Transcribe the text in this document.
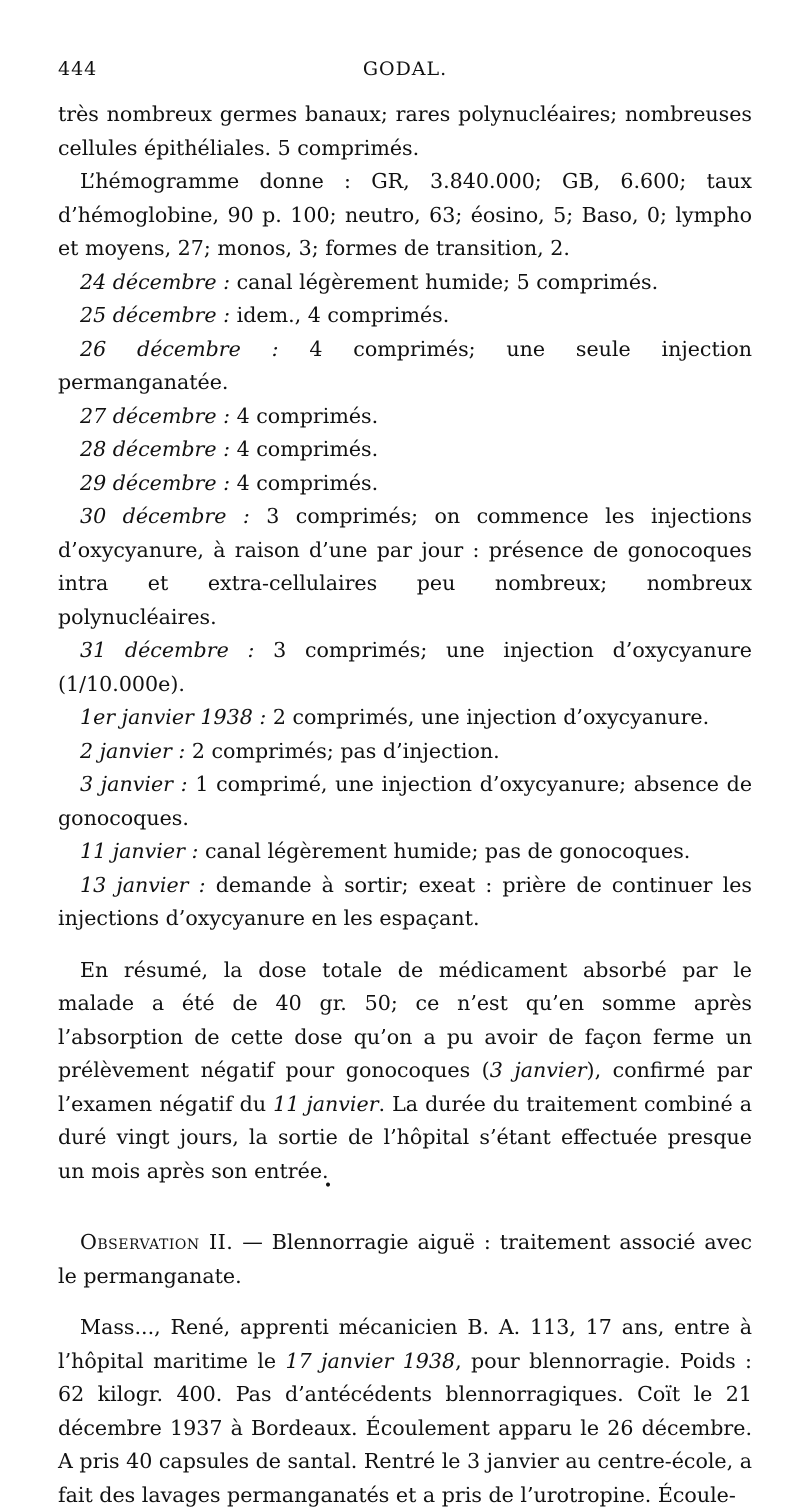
444	GODAL.

très nombreux germes banaux; rares polynucléaires; nombreuses cellules épithéliales. 5 comprimés.

L’hémogramme donne : GR, 3.840.000; GB, 6.600; taux d’hémoglobine, 90 p. 100; neutro, 63; éosino, 5; Baso, 0; lympho et moyens, 27; monos, 3; formes de transition, 2.

24 décembre : canal légèrement humide; 5 comprimés.

25 décembre : idem., 4 comprimés.

26 décembre : 4 comprimés; une seule injection permanganatée.

27 décembre : 4 comprimés.

28 décembre : 4 comprimés.

29 décembre : 4 comprimés.

30 décembre : 3 comprimés; on commence les injections d’oxycyanure, à raison d’une par jour : présence de gonocoques intra et extra-cellulaires peu nombreux; nombreux polynucléaires.

31 décembre : 3 comprimés; une injection d’oxycyanure (1/10.000e).

1er janvier 1938 : 2 comprimés, une injection d’oxycyanure.

2 janvier : 2 comprimés; pas d’injection.

3 janvier : 1 comprimé, une injection d’oxycyanure; absence de gonocoques.

11 janvier : canal légèrement humide; pas de gonocoques.

13 janvier : demande à sortir; exeat : prière de continuer les injections d’oxycyanure en les espaçant.

En résumé, la dose totale de médicament absorbé par le malade a été de 40 gr. 50; ce n’est qu’en somme après l’absorption de cette dose qu’on a pu avoir de façon ferme un prélèvement négatif pour gonocoques (3 janvier), confirmé par l’examen négatif du 11 janvier. La durée du traitement combiné a duré vingt jours, la sortie de l’hôpital s’étant effectuée presque un mois après son entrée.

•

Observation II. — Blennorragie aiguë : traitement associé avec le permanganate.

Mass..., René, apprenti mécanicien B. A. 113, 17 ans, entre à l’hôpital maritime le 17 janvier 1938, pour blennorragie. Poids : 62 kilogr. 400. Pas d’antécédents blennorragiques. Coït le 21 décembre 1937 à Bordeaux. Écoulement apparu le 26 décembre. A pris 40 capsules de santal. Rentré le 3 janvier au centre-école, a fait des lavages permanganatés et a pris de l’urotropine. Écoule-
